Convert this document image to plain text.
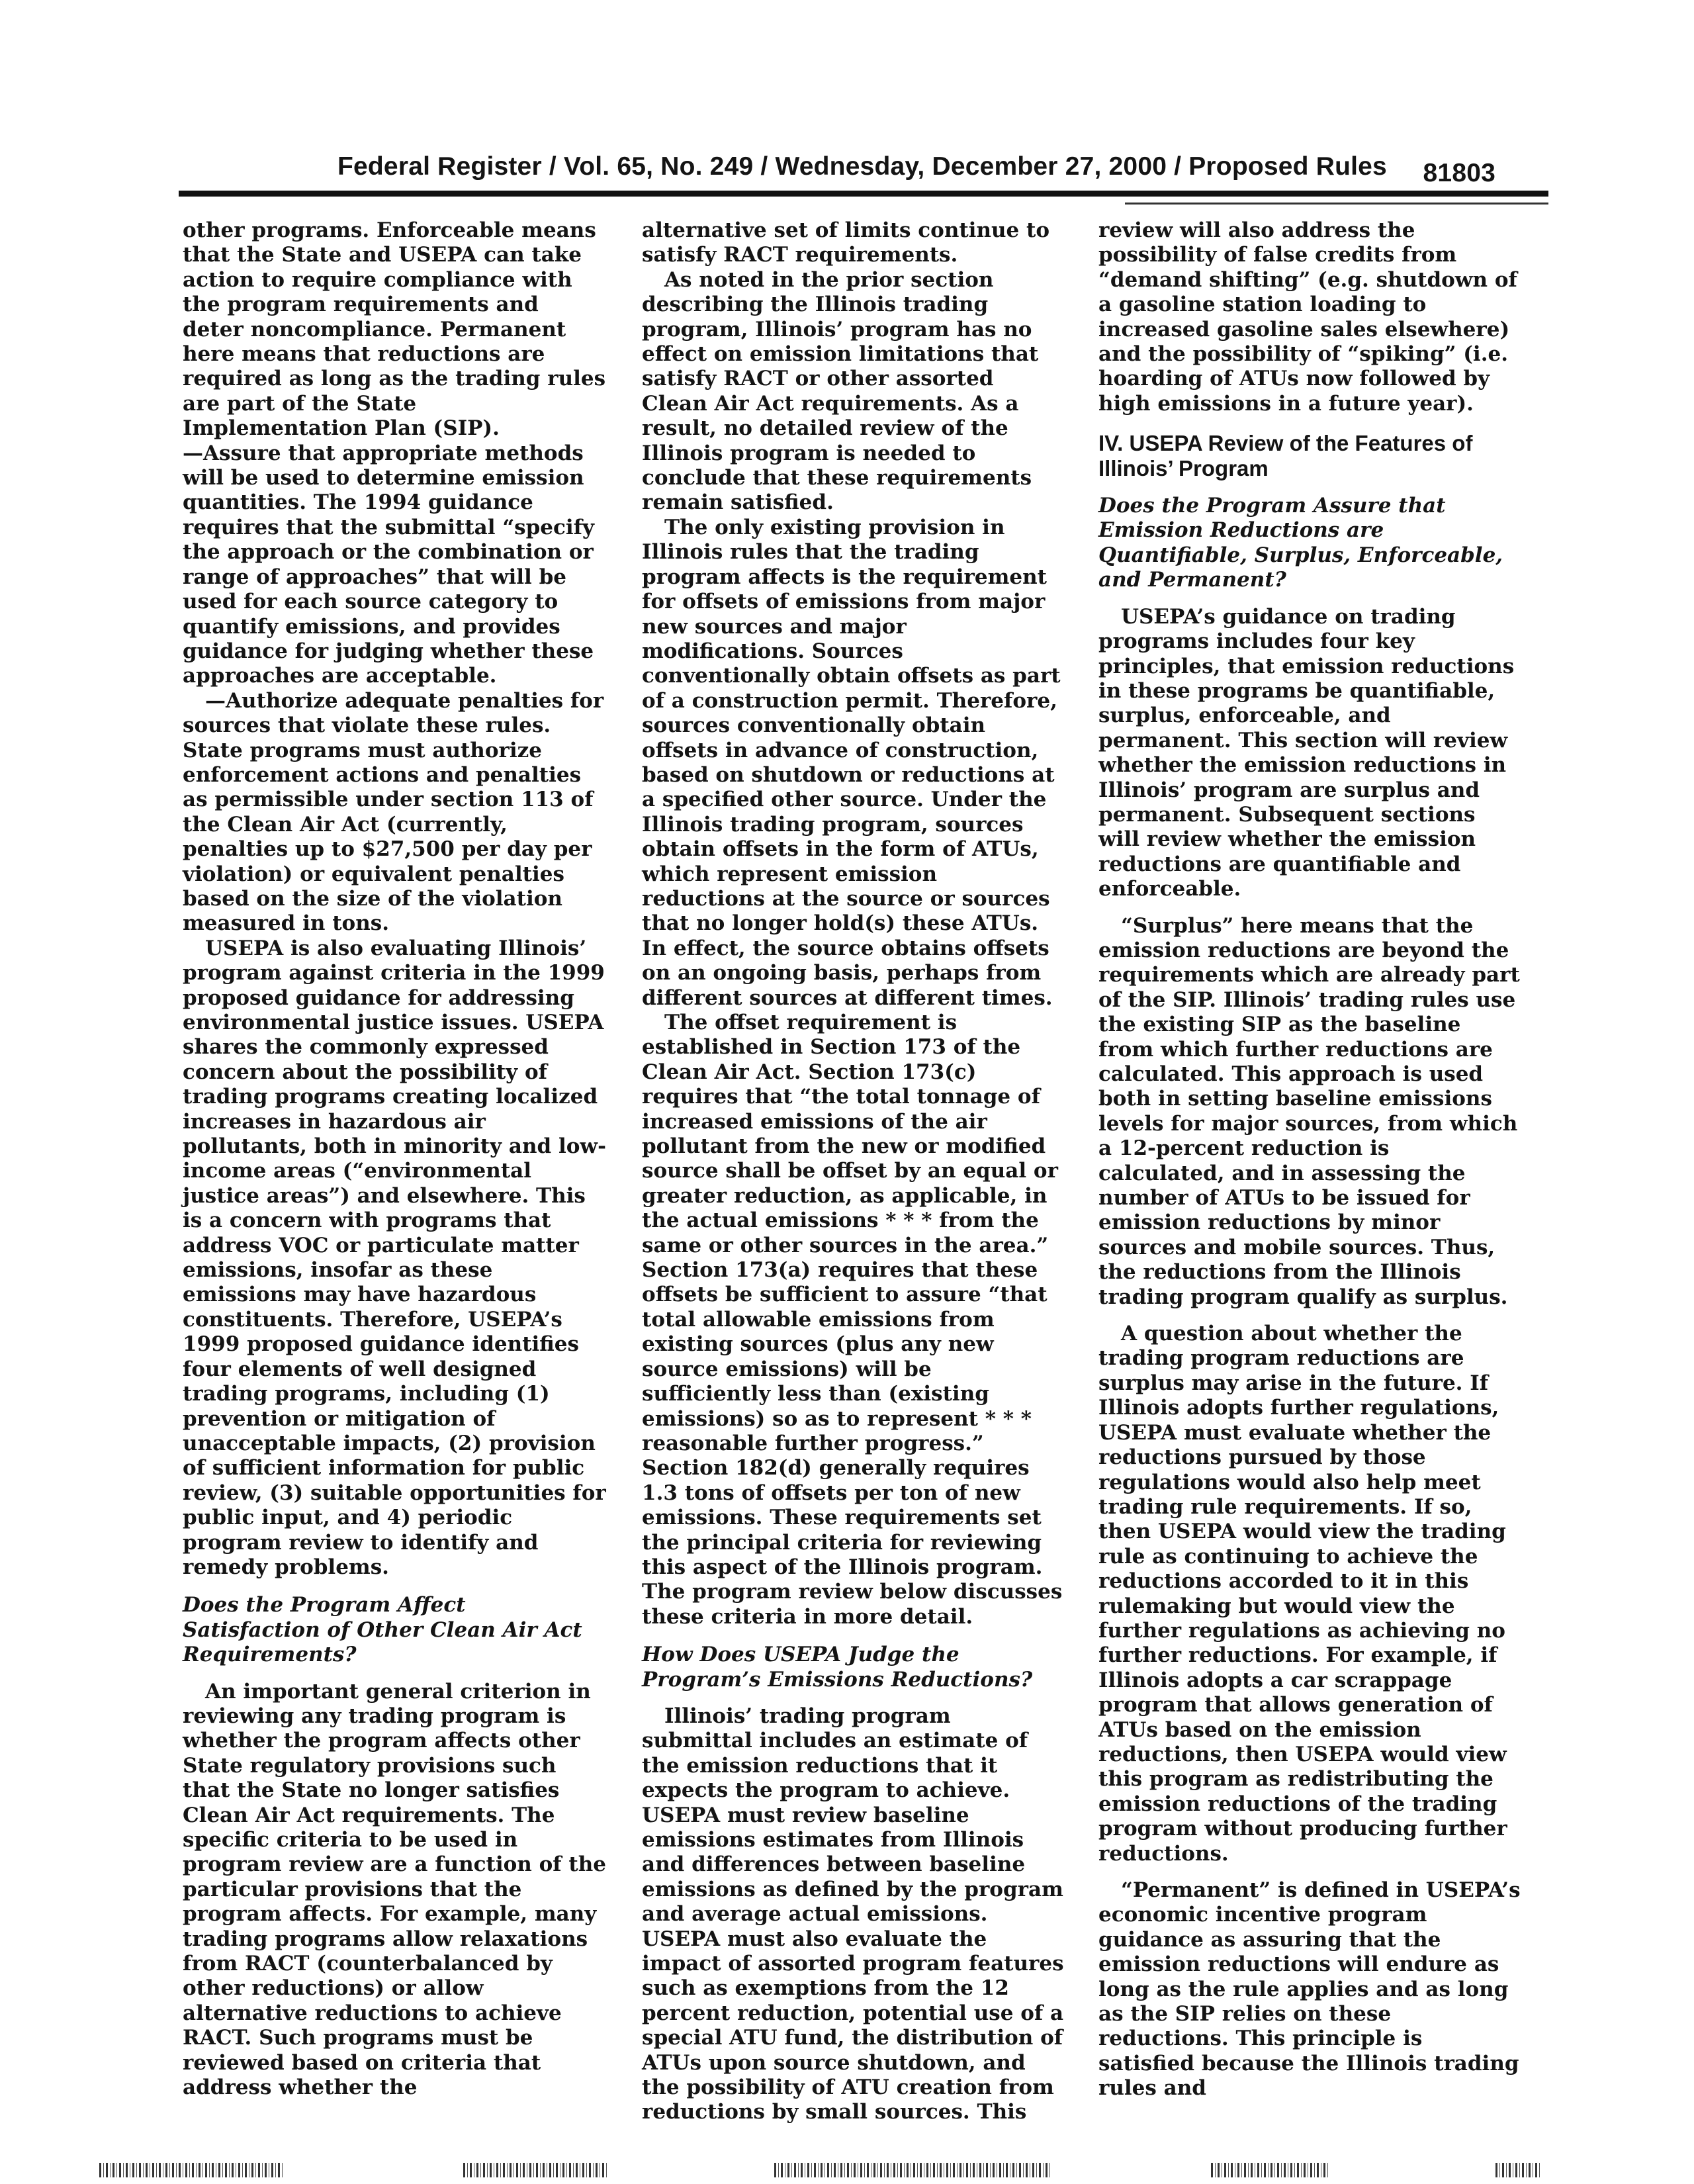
Federal Register / Vol. 65, No. 249 / Wednesday, December 27, 2000 / Proposed Rules 81803

other programs. Enforceable means that the State and USEPA can take action to require compliance with the program requirements and deter noncompliance. Permanent here means that reductions are required as long as the trading rules are part of the State Implementation Plan (SIP).

—Assure that appropriate methods will be used to determine emission quantities. The 1994 guidance requires that the submittal “specify the approach or the combination or range of approaches” that will be used for each source category to quantify emissions, and provides guidance for judging whether these approaches are acceptable.

—Authorize adequate penalties for sources that violate these rules. State programs must authorize enforcement actions and penalties as permissible under section 113 of the Clean Air Act (currently, penalties up to $27,500 per day per violation) or equivalent penalties based on the size of the violation measured in tons.

USEPA is also evaluating Illinois’ program against criteria in the 1999 proposed guidance for addressing environmental justice issues. USEPA shares the commonly expressed concern about the possibility of trading programs creating localized increases in hazardous air pollutants, both in minority and low-income areas (“environmental justice areas”) and elsewhere. This is a concern with programs that address VOC or particulate matter emissions, insofar as these emissions may have hazardous constituents. Therefore, USEPA’s 1999 proposed guidance identifies four elements of well designed trading programs, including (1) prevention or mitigation of unacceptable impacts, (2) provision of sufficient information for public review, (3) suitable opportunities for public input, and 4) periodic program review to identify and remedy problems.

Does the Program Affect Satisfaction of Other Clean Air Act Requirements?

An important general criterion in reviewing any trading program is whether the program affects other State regulatory provisions such that the State no longer satisfies Clean Air Act requirements. The specific criteria to be used in program review are a function of the particular provisions that the program affects. For example, many trading programs allow relaxations from RACT (counterbalanced by other reductions) or allow alternative reductions to achieve RACT. Such programs must be reviewed based on criteria that address whether the

alternative set of limits continue to satisfy RACT requirements.

As noted in the prior section describing the Illinois trading program, Illinois’ program has no effect on emission limitations that satisfy RACT or other assorted Clean Air Act requirements. As a result, no detailed review of the Illinois program is needed to conclude that these requirements remain satisfied.

The only existing provision in Illinois rules that the trading program affects is the requirement for offsets of emissions from major new sources and major modifications. Sources conventionally obtain offsets as part of a construction permit. Therefore, sources conventionally obtain offsets in advance of construction, based on shutdown or reductions at a specified other source. Under the Illinois trading program, sources obtain offsets in the form of ATUs, which represent emission reductions at the source or sources that no longer hold(s) these ATUs. In effect, the source obtains offsets on an ongoing basis, perhaps from different sources at different times.

The offset requirement is established in Section 173 of the Clean Air Act. Section 173(c) requires that “the total tonnage of increased emissions of the air pollutant from the new or modified source shall be offset by an equal or greater reduction, as applicable, in the actual emissions * * * from the same or other sources in the area.” Section 173(a) requires that these offsets be sufficient to assure “that total allowable emissions from existing sources (plus any new source emissions) will be sufficiently less than (existing emissions) so as to represent * * * reasonable further progress.” Section 182(d) generally requires 1.3 tons of offsets per ton of new emissions. These requirements set the principal criteria for reviewing this aspect of the Illinois program. The program review below discusses these criteria in more detail.

How Does USEPA Judge the Program’s Emissions Reductions?

Illinois’ trading program submittal includes an estimate of the emission reductions that it expects the program to achieve. USEPA must review baseline emissions estimates from Illinois and differences between baseline emissions as defined by the program and average actual emissions. USEPA must also evaluate the impact of assorted program features such as exemptions from the 12 percent reduction, potential use of a special ATU fund, the distribution of ATUs upon source shutdown, and the possibility of ATU creation from reductions by small sources. This

review will also address the possibility of false credits from “demand shifting” (e.g. shutdown of a gasoline station loading to increased gasoline sales elsewhere) and the possibility of “spiking” (i.e. hoarding of ATUs now followed by high emissions in a future year).

IV. USEPA Review of the Features of Illinois’ Program

Does the Program Assure that Emission Reductions are Quantifiable, Surplus, Enforceable, and Permanent?

USEPA’s guidance on trading programs includes four key principles, that emission reductions in these programs be quantifiable, surplus, enforceable, and permanent. This section will review whether the emission reductions in Illinois’ program are surplus and permanent. Subsequent sections will review whether the emission reductions are quantifiable and enforceable.

“Surplus” here means that the emission reductions are beyond the requirements which are already part of the SIP. Illinois’ trading rules use the existing SIP as the baseline from which further reductions are calculated. This approach is used both in setting baseline emissions levels for major sources, from which a 12-percent reduction is calculated, and in assessing the number of ATUs to be issued for emission reductions by minor sources and mobile sources. Thus, the reductions from the Illinois trading program qualify as surplus.

A question about whether the trading program reductions are surplus may arise in the future. If Illinois adopts further regulations, USEPA must evaluate whether the reductions pursued by those regulations would also help meet trading rule requirements. If so, then USEPA would view the trading rule as continuing to achieve the reductions accorded to it in this rulemaking but would view the further regulations as achieving no further reductions. For example, if Illinois adopts a car scrappage program that allows generation of ATUs based on the emission reductions, then USEPA would view this program as redistributing the emission reductions of the trading program without producing further reductions.

“Permanent” is defined in USEPA’s economic incentive program guidance as assuring that the emission reductions will endure as long as the rule applies and as long as the SIP relies on these reductions. This principle is satisfied because the Illinois trading rules and
